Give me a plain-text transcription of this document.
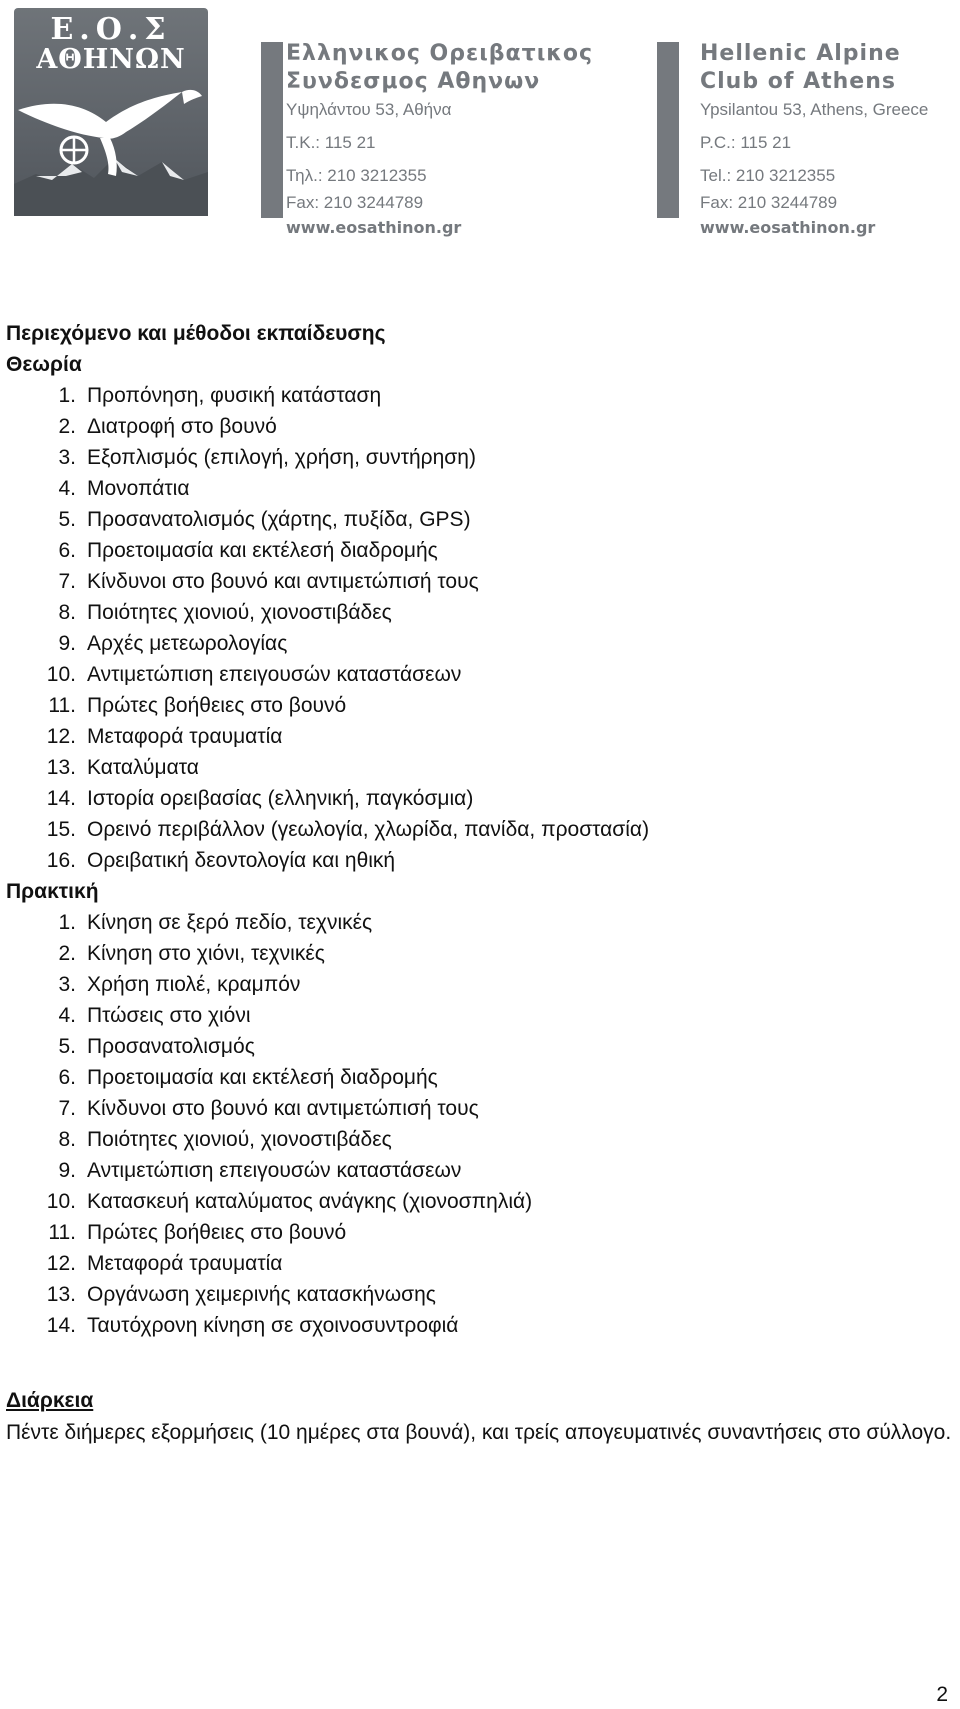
Ε.Ο.Σ
ΑΘΗΝΩΝ	Ελληνικος Ορειβατικος
Συνδεσμος Αθηνων
Υψηλάντου 53, Αθήνα
Τ.Κ.: 115 21
Τηλ.: 210 3212355
Fax: 210 3244789
www.eosathinon.gr
Hellenic Alpine
Club of Athens
Ypsilantou 53, Athens, Greece
P.C.: 115 21
Tel.: 210 3212355
Fax: 210 3244789
www.eosathinon.gr
Περιεχόμενο και μέθοδοι εκπαίδευσης
Θεωρία
1. Προπόνηση, φυσική κατάσταση
2. Διατροφή στο βουνό
3. Εξοπλισμός (επιλογή, χρήση, συντήρηση)
4. Μονοπάτια
5. Προσανατολισμός (χάρτης, πυξίδα, GPS)
6. Προετοιμασία και εκτέλεσή διαδρομής
7. Κίνδυνοι στο βουνό και αντιμετώπισή τους
8. Ποιότητες χιονιού, χιονοστιβάδες
9. Αρχές μετεωρολογίας
10. Αντιμετώπιση επειγουσών καταστάσεων
11. Πρώτες βοήθειες στο βουνό
12. Μεταφορά τραυματία
13. Καταλύματα
14. Ιστορία ορειβασίας (ελληνική, παγκόσμια)
15. Ορεινό περιβάλλον (γεωλογία, χλωρίδα, πανίδα, προστασία)
16. Ορειβατική δεοντολογία και ηθική
Πρακτική
1. Κίνηση σε ξερό πεδίο, τεχνικές
2. Κίνηση στο χιόνι, τεχνικές
3. Χρήση πιολέ, κραμπόν
4. Πτώσεις στο χιόνι
5. Προσανατολισμός
6. Προετοιμασία και εκτέλεσή διαδρομής
7. Κίνδυνοι στο βουνό και αντιμετώπισή τους
8. Ποιότητες χιονιού, χιονοστιβάδες
9. Αντιμετώπιση επειγουσών καταστάσεων
10. Κατασκευή καταλύματος ανάγκης (χιονοσπηλιά)
11. Πρώτες βοήθειες στο βουνό
12. Μεταφορά τραυματία
13. Οργάνωση χειμερινής κατασκήνωσης
14. Ταυτόχρονη κίνηση σε σχοινοσυντροφιά
Διάρκεια
Πέντε διήμερες εξορμήσεις (10 ημέρες στα βουνά), και τρείς απογευματινές συναντήσεις στο σύλλογο.
2
